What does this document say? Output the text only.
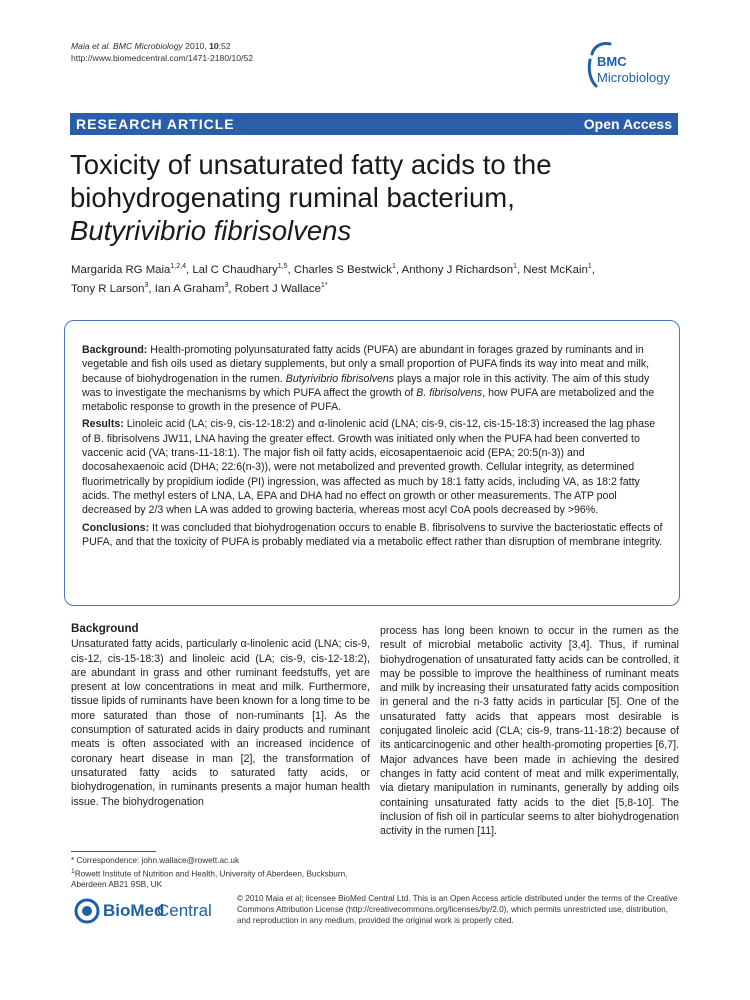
Maia et al. BMC Microbiology 2010, 10:52
http://www.biomedcentral.com/1471-2180/10/52	BMC
Microbiology
RESEARCH ARTICLE	Open Access
Toxicity of unsaturated fatty acids to the
biohydrogenating ruminal bacterium,
Butyrivibrio fibrisolvens
Margarida RG Maia$^{1,2,4}$, Lal C Chaudhary$^{1,5}$, Charles S Bestwick$^1$, Anthony J Richardson$^1$, Nest McKain$^1$,
Tony R Larson$^3$, Ian A Graham$^3$, Robert J Wallace$^{1*}$

Background: Health-promoting polyunsaturated fatty acids (PUFA) are abundant in forages grazed by ruminants and in vegetable and fish oils used as dietary supplements, but only a small proportion of PUFA finds its way into meat and milk, because of biohydrogenation in the rumen. Butyrivibrio fibrisolvens plays a major role in this activity. The aim of this study was to investigate the mechanisms by which PUFA affect the growth of B. fibrisolvens, how PUFA are metabolized and the metabolic response to growth in the presence of PUFA.

Results: Linoleic acid (LA; cis-9, cis-12-18:2) and α-linolenic acid (LNA; cis-9, cis-12, cis-15-18:3) increased the lag phase of B. fibrisolvens JW11, LNA having the greater effect. Growth was initiated only when the PUFA had been converted to vaccenic acid (VA; trans-11-18:1). The major fish oil fatty acids, eicosapentaenoic acid (EPA; 20:5(n-3)) and docosahexaenoic acid (DHA; 22:6(n-3)), were not metabolized and prevented growth. Cellular integrity, as determined fluorimetrically by propidium iodide (PI) ingression, was affected as much by 18:1 fatty acids, including VA, as 18:2 fatty acids. The methyl esters of LNA, LA, EPA and DHA had no effect on growth or other measurements. The ATP pool decreased by 2/3 when LA was added to growing bacteria, whereas most acyl CoA pools decreased by >96%.

Conclusions: It was concluded that biohydrogenation occurs to enable B. fibrisolvens to survive the bacteriostatic effects of PUFA, and that the toxicity of PUFA is probably mediated via a metabolic effect rather than disruption of membrane integrity.

Background
Unsaturated fatty acids, particularly α-linolenic acid (LNA; cis-9, cis-12, cis-15-18:3) and linoleic acid (LA; cis-9, cis-12-18:2), are abundant in grass and other ruminant feedstuffs, yet are present at low concentrations in meat and milk. Furthermore, tissue lipids of ruminants have been known for a long time to be more saturated than those of non-ruminants [1]. As the consumption of saturated acids in dairy products and ruminant meats is often associated with an increased incidence of coronary heart disease in man [2], the transformation of unsaturated fatty acids to saturated fatty acids, or biohydrogenation, in ruminants presents a major human health issue. The biohydrogenation
process has long been known to occur in the rumen as the result of microbial metabolic activity [3,4]. Thus, if ruminal biohydrogenation of unsaturated fatty acids can be controlled, it may be possible to improve the healthiness of ruminant meats and milk by increasing their unsaturated fatty acids composition in general and the n-3 fatty acids in particular [5]. One of the unsaturated fatty acids that appears most desirable is conjugated linoleic acid (CLA; cis-9, trans-11-18:2) because of its anticarcinogenic and other health-promoting properties [6,7]. Major advances have been made in achieving the desired changes in fatty acid content of meat and milk experimentally, via dietary manipulation in ruminants, generally by adding oils containing unsaturated fatty acids to the diet [5,8-10]. The inclusion of fish oil in particular seems to alter biohydrogenation activity in the rumen [11].
* Correspondence: john.wallace@rowett.ac.uk
$^1$Rowett Institute of Nutrition and Health, University of Aberdeen, Bucksburn, Aberdeen AB21 9SB, UK
BioMed
Central
© 2010 Maia et al; licensee BioMed Central Ltd. This is an Open Access article distributed under the terms of the Creative Commons Attribution License (http://creativecommons.org/licenses/by/2.0), which permits unrestricted use, distribution, and reproduction in any medium, provided the original work is properly cited.
